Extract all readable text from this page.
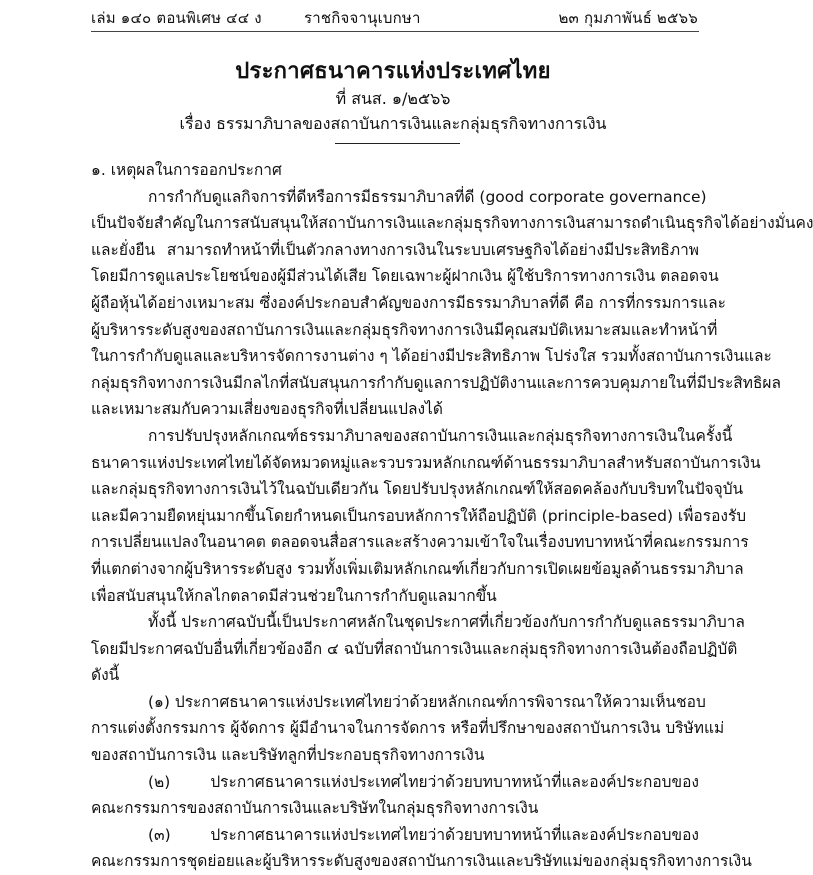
เล่ม ๑๔๐ ตอนพิเศษ ๔๔ ง	ราชกิจจานุเบกษา	๒๓ กุมภาพันธ์ ๒๕๖๖
ประกาศธนาคารแห่งประเทศไทย
ที่ สนส. ๑/๒๕๖๖
เรื่อง ธรรมาภิบาลของสถาบันการเงินและกลุ่มธุรกิจทางการเงิน
๑. เหตุผลในการออกประกาศ
การกำกับดูแลกิจการที่ดีหรือการมีธรรมาภิบาลที่ดี (good corporate governance)
เป็นปัจจัยสำคัญในการสนับสนุนให้สถาบันการเงินและกลุ่มธุรกิจทางการเงินสามารถดำเนินธุรกิจได้อย่างมั่นคง
และยั่งยืน สามารถทำหน้าที่เป็นตัวกลางทางการเงินในระบบเศรษฐกิจได้อย่างมีประสิทธิภาพ
โดยมีการดูแลประโยชน์ของผู้มีส่วนได้เสีย โดยเฉพาะผู้ฝากเงิน ผู้ใช้บริการทางการเงิน ตลอดจน
ผู้ถือหุ้นได้อย่างเหมาะสม ซึ่งองค์ประกอบสำคัญของการมีธรรมาภิบาลที่ดี คือ การที่กรรมการและ
ผู้บริหารระดับสูงของสถาบันการเงินและกลุ่มธุรกิจทางการเงินมีคุณสมบัติเหมาะสมและทำหน้าที่
ในการกำกับดูแลและบริหารจัดการงานต่าง ๆ ได้อย่างมีประสิทธิภาพ โปร่งใส รวมทั้งสถาบันการเงินและ
กลุ่มธุรกิจทางการเงินมีกลไกที่สนับสนุนการกำกับดูแลการปฏิบัติงานและการควบคุมภายในที่มีประสิทธิผล
และเหมาะสมกับความเสี่ยงของธุรกิจที่เปลี่ยนแปลงได้
การปรับปรุงหลักเกณฑ์ธรรมาภิบาลของสถาบันการเงินและกลุ่มธุรกิจทางการเงินในครั้งนี้
ธนาคารแห่งประเทศไทยได้จัดหมวดหมู่และรวบรวมหลักเกณฑ์ด้านธรรมาภิบาลสำหรับสถาบันการเงิน
และกลุ่มธุรกิจทางการเงินไว้ในฉบับเดียวกัน โดยปรับปรุงหลักเกณฑ์ให้สอดคล้องกับบริบทในปัจจุบัน
และมีความยืดหยุ่นมากขึ้นโดยกำหนดเป็นกรอบหลักการให้ถือปฏิบัติ (principle-based) เพื่อรองรับ
การเปลี่ยนแปลงในอนาคต ตลอดจนสื่อสารและสร้างความเข้าใจในเรื่องบทบาทหน้าที่คณะกรรมการ
ที่แตกต่างจากผู้บริหารระดับสูง รวมทั้งเพิ่มเติมหลักเกณฑ์เกี่ยวกับการเปิดเผยข้อมูลด้านธรรมาภิบาล
เพื่อสนับสนุนให้กลไกตลาดมีส่วนช่วยในการกำกับดูแลมากขึ้น
ทั้งนี้ ประกาศฉบับนี้เป็นประกาศหลักในชุดประกาศที่เกี่ยวข้องกับการกำกับดูแลธรรมาภิบาล
โดยมีประกาศฉบับอื่นที่เกี่ยวข้องอีก ๔ ฉบับที่สถาบันการเงินและกลุ่มธุรกิจทางการเงินต้องถือปฏิบัติ
ดังนี้
(๑) ประกาศธนาคารแห่งประเทศไทยว่าด้วยหลักเกณฑ์การพิจารณาให้ความเห็นชอบ
การแต่งตั้งกรรมการ ผู้จัดการ ผู้มีอำนาจในการจัดการ หรือที่ปรึกษาของสถาบันการเงิน บริษัทแม่
ของสถาบันการเงิน และบริษัทลูกที่ประกอบธุรกิจทางการเงิน
(๒) ประกาศธนาคารแห่งประเทศไทยว่าด้วยบทบาทหน้าที่และองค์ประกอบของ
คณะกรรมการของสถาบันการเงินและบริษัทในกลุ่มธุรกิจทางการเงิน
(๓) ประกาศธนาคารแห่งประเทศไทยว่าด้วยบทบาทหน้าที่และองค์ประกอบของ
คณะกรรมการชุดย่อยและผู้บริหารระดับสูงของสถาบันการเงินและบริษัทแม่ของกลุ่มธุรกิจทางการเงิน
